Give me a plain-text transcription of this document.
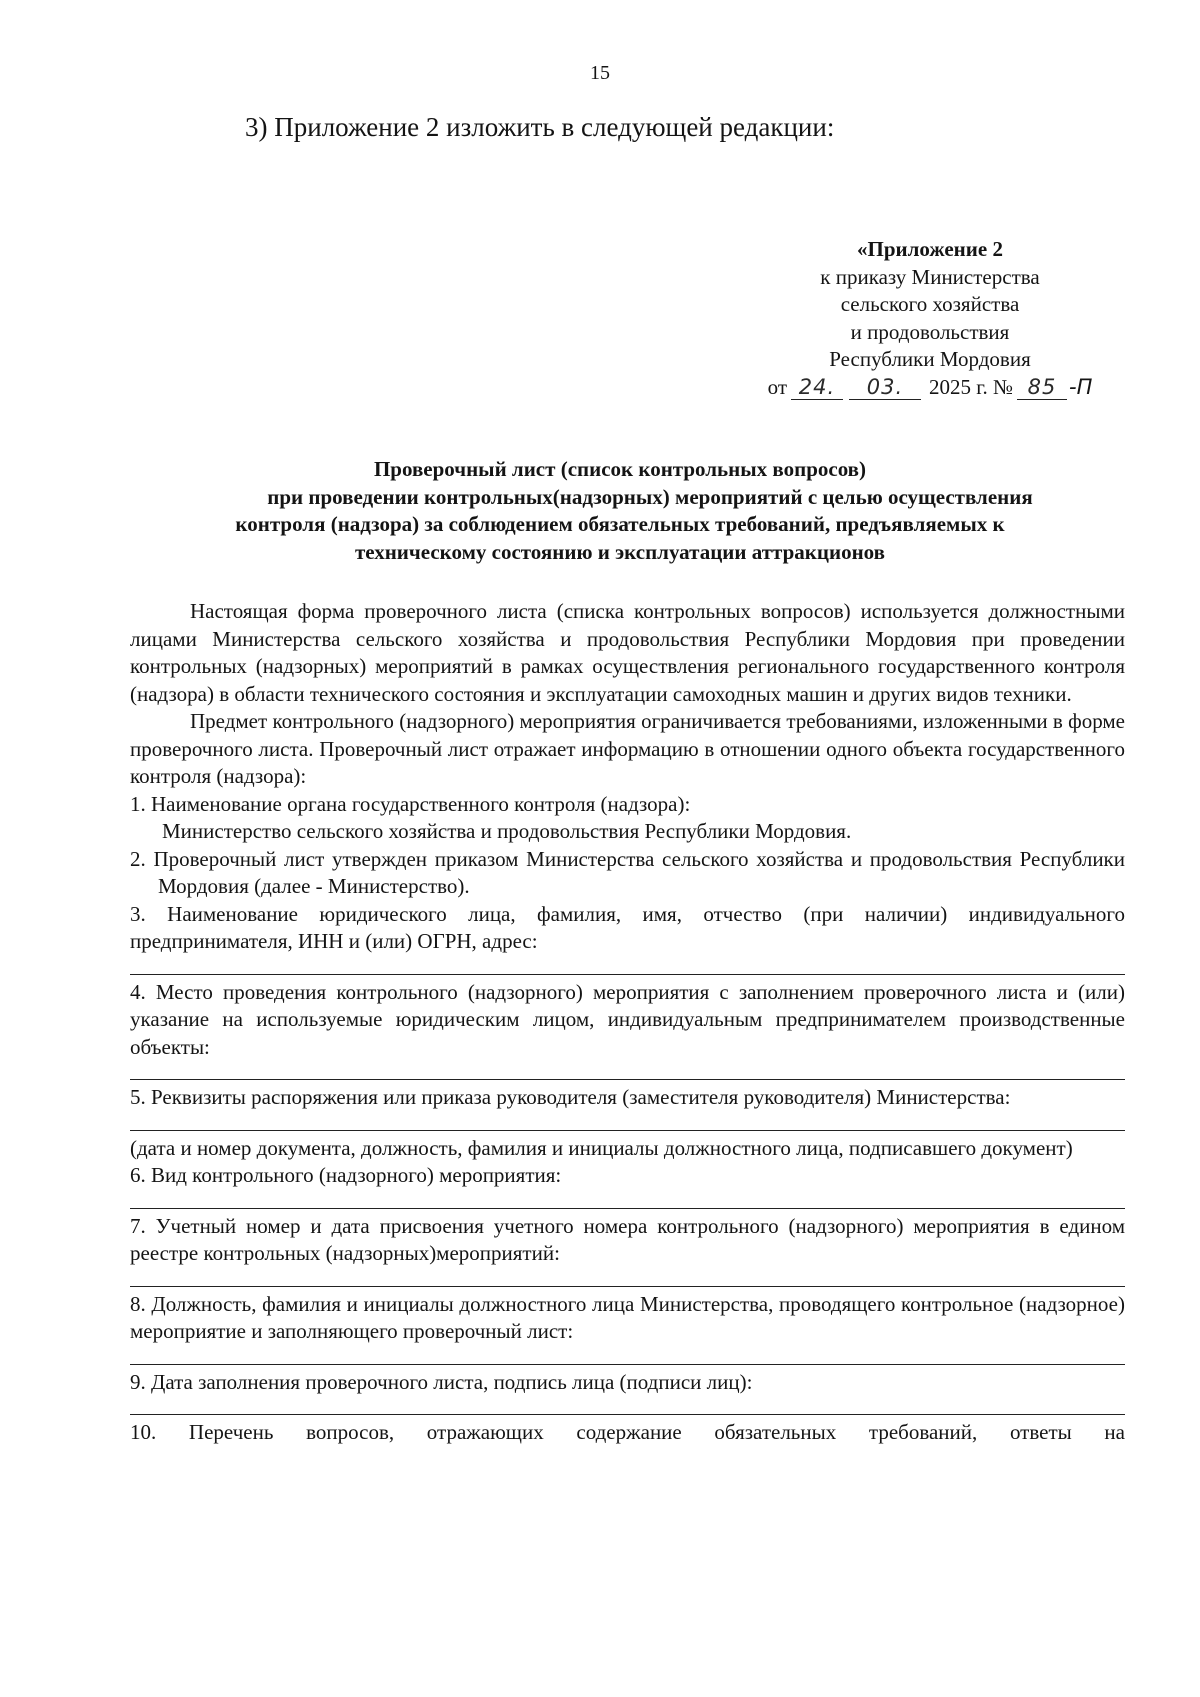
15
3) Приложение 2 изложить в следующей редакции:
«Приложение 2
к приказу Министерства
сельского хозяйства
и продовольствия
Республики Мордовия
от 24.	03.	2025 г. № 85 -П
Проверочный лист (список контрольных вопросов)
при проведении контрольных(надзорных) мероприятий с целью осуществления
контроля (надзора) за соблюдением обязательных требований, предъявляемых к
техническому состоянию и эксплуатации аттракционов

Настоящая форма проверочного листа (списка контрольных вопросов) используется должностными лицами Министерства сельского хозяйства и продовольствия Республики Мордовия при проведении контрольных (надзорных) мероприятий в рамках осуществления регионального государственного контроля (надзора) в области технического состояния и эксплуатации самоходных машин и других видов техники.

Предмет контрольного (надзорного) мероприятия ограничивается требованиями, изложенными в форме проверочного листа. Проверочный лист отражает информацию в отношении одного объекта государственного контроля (надзора):

1. Наименование органа государственного контроля (надзора):

Министерство сельского хозяйства и продовольствия Республики Мордовия.

2. Проверочный лист утвержден приказом Министерства сельского хозяйства и продовольствия Республики Мордовия (далее - Министерство).

3. Наименование юридического лица, фамилия, имя, отчество (при наличии) индивидуального предпринимателя, ИНН и (или) ОГРН, адрес:

4. Место проведения контрольного (надзорного) мероприятия с заполнением проверочного листа и (или) указание на используемые юридическим лицом, индивидуальным предпринимателем производственные объекты:

5. Реквизиты распоряжения или приказа руководителя (заместителя руководителя) Министерства:

(дата и номер документа, должность, фамилия и инициалы должностного лица, подписавшего документ)

6. Вид контрольного (надзорного) мероприятия:

7. Учетный номер и дата присвоения учетного номера контрольного (надзорного) мероприятия в едином реестре контрольных (надзорных)мероприятий:

8. Должность, фамилия и инициалы должностного лица Министерства, проводящего контрольное (надзорное) мероприятие и заполняющего проверочный лист:

9. Дата заполнения проверочного листа, подпись лица (подписи лиц):

10. Перечень вопросов, отражающих содержание обязательных требований, ответы на
